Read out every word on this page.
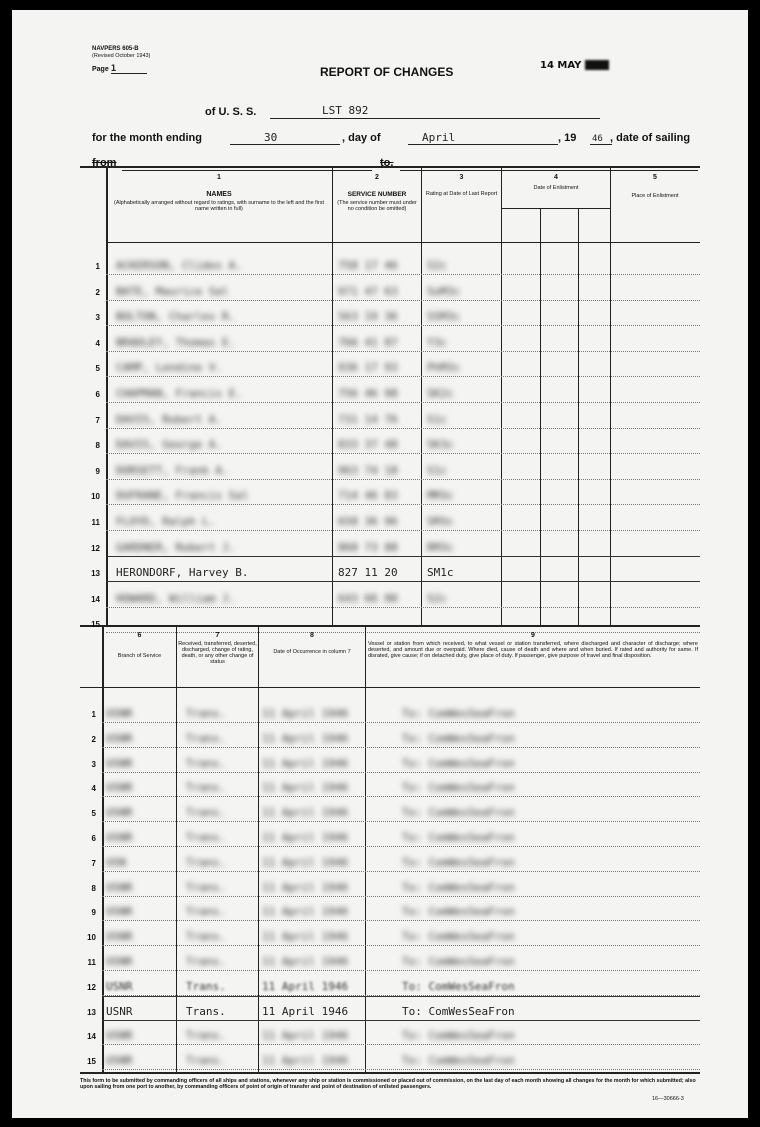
NAVPERS 605-B
(Revised October 1943)
Page 1	REPORT OF CHANGES	14 MAY
of U. S. S.	LST 892
for the month ending	30	, day of	April	, 19 46 , date of sailing
from	to.
1
NAMES
(Alphabetically arranged without regard to ratings, with surname to the left and the first name written in full)
2
SERVICE NUMBER
(The service number must under no condition be omitted)
3
Rating at Date of Last Report
4
Date of Enlistment
5
Place of Enlistment
1 ACKERSON, Clides A.	758 17 46	S2c
2 BATE, Maurice Sal	971 47 63	SoM3c
3 BOLTON, Charles R.	563 19 36	SSM3c
4 BRADLEY, Thomas E.	766 41 87	Y3c
5 CAMP, Lendine V.	936 17 93	PhM3c
6 CHAPMAN, Francis E.	756 46 98	SK2c
7 DAVIS, Robert A.	731 14 76	S1c
8 DAVIS, George A.	833 37 48	SK3c
9 DORSETT, Frank A.	963 74 18	S1c
10 DUFRANE, Francis Sal	714 46 83	MM3c
11 FLOYD, Ralph L.	658 36 96	SM3c
12 GARDNER, Robert J.	868 73 88	RM3c
13 HERONDORF, Harvey B.	827 11 20	SM1c
14 HOWARD, William J.	643 66 00	S2c
15
6
Branch of Service
7
Received, transferred, deserted, discharged, change of rating, death, or any other change of status
8
Date of Occurrence in column 7
9
Vessel or station from which received, to what vessel or station transferred, where discharged and character of discharge; where deserted, and amount due or overpaid. Where died, cause of death and where and when buried. If rated and authority for same. If disrated, give cause; if on detached duty, give place of duty. If passenger, give purpose of travel and final disposition.
1 USNR	Trans.	11 April 1946	To: ComWesSeaFron
2 USNR	Trans.	11 April 1946	To: ComWesSeaFron
3 USNR	Trans.	11 April 1946	To: ComWesSeaFron
4 USNR	Trans.	11 April 1946	To: ComWesSeaFron
5 USNR	Trans.	11 April 1946	To: ComWesSeaFron
6 USNR	Trans.	11 April 1946	To: ComWesSeaFron
7 USN	Trans.	11 April 1946	To: ComWesSeaFron
8 USNR	Trans.	11 April 1946	To: ComWesSeaFron
9 USNR	Trans.	11 April 1946	To: ComWesSeaFron
10 USNR	Trans.	11 April 1946	To: ComWesSeaFron
11 USNR	Trans.	11 April 1946	To: ComWesSeaFron
12 USNR	Trans.	11 April 1946	To: ComWesSeaFron
13 USNR	Trans.	11 April 1946	To: ComWesSeaFron
14 USNR	Trans.	11 April 1946	To: ComWesSeaFron
15 USNR	Trans.	11 April 1946	To: ComWesSeaFron
This form to be submitted by commanding officers of all ships and stations, whenever any ship or station is commissioned or placed out of commission, on the last day of each month showing all changes for the month for which submitted; also upon sailing from one port to another, by commanding officers of point of origin of transfer and point of destination of enlisted passengers.
16—30666-3
